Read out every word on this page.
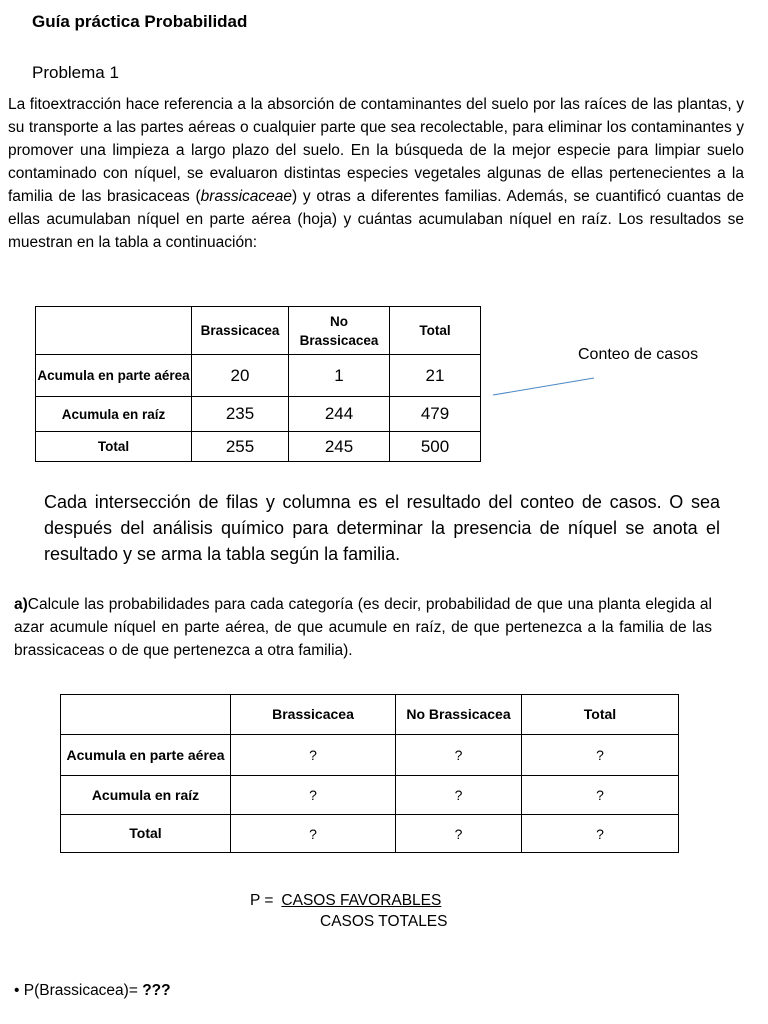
Guía práctica Probabilidad
Problema 1
La fitoextracción hace referencia a la absorción de contaminantes del suelo por las raíces de las plantas, y su transporte a las partes aéreas o cualquier parte que sea recolectable, para eliminar los contaminantes y promover una limpieza a largo plazo del suelo. En la búsqueda de la mejor especie para limpiar suelo contaminado con níquel, se evaluaron distintas especies vegetales algunas de ellas pertenecientes a la familia de las brasicaceas (brassicaceae) y otras a diferentes familias. Además, se cuantificó cuantas de ellas acumulaban níquel en parte aérea (hoja) y cuántas acumulaban níquel en raíz. Los resultados se muestran en la tabla a continuación:
	Brassicacea	No Brassicacea	Total
Acumula en parte aérea	20	1	21
Acumula en raíz	235	244	479
Total	255	245	500
Conteo de casos
Cada intersección de filas y columna es el resultado del conteo de casos. O sea después del análisis químico para determinar la presencia de níquel se anota el resultado y se arma la tabla según la familia.
a)Calcule las probabilidades para cada categoría (es decir, probabilidad de que una planta elegida al azar acumule níquel en parte aérea, de que acumule en raíz, de que pertenezca a la familia de las brassicaceas o de que pertenezca a otra familia).
	Brassicacea	No Brassicacea	Total
Acumula en parte aérea	?	?	?
Acumula en raíz	?	?	?
Total	?	?	?
P = CASOS FAVORABLES
CASOS TOTALES
• P(Brassicacea)= ???
